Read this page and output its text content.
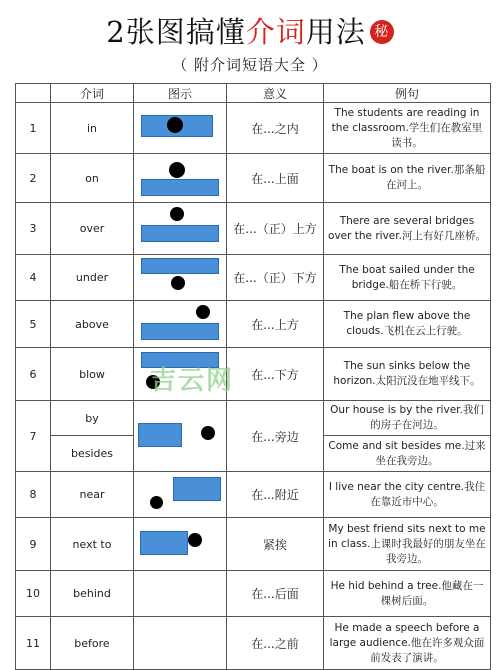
2张图搞懂介词用法 秘
（ 附介词短语大全 ）
	介词	图示	意义	例句
1	in		在...之内	The students are reading in the classroom.学生们在教室里读书。
2	on		在...上面	The boat is on the river.那条船在河上。
3	over		在...（正）上方	There are several bridges over the river.河上有好几座桥。
4	under		在...（正）下方	The boat sailed under the bridge.船在桥下行驶。
5	above		在...上方	The plan flew above the clouds.飞机在云上行驶。
6	blow		在...下方	The sun sinks below the horizon.太阳沉没在地平线下。
7	by		在...旁边	Our house is by the river.我们的房子在河边。
	besides			Come and sit besides me.过来坐在我旁边。
8	near		在...附近	I live near the city centre.我住在靠近市中心。
9	next to		紧挨	My best friend sits next to me in class.上课时我最好的朋友坐在我旁边。
10	behind		在...后面	He hid behind a tree.他藏在一棵树后面。
11	before		在...之前	He made a speech before a large audience.他在许多观众面前发表了演讲。
吉云网
